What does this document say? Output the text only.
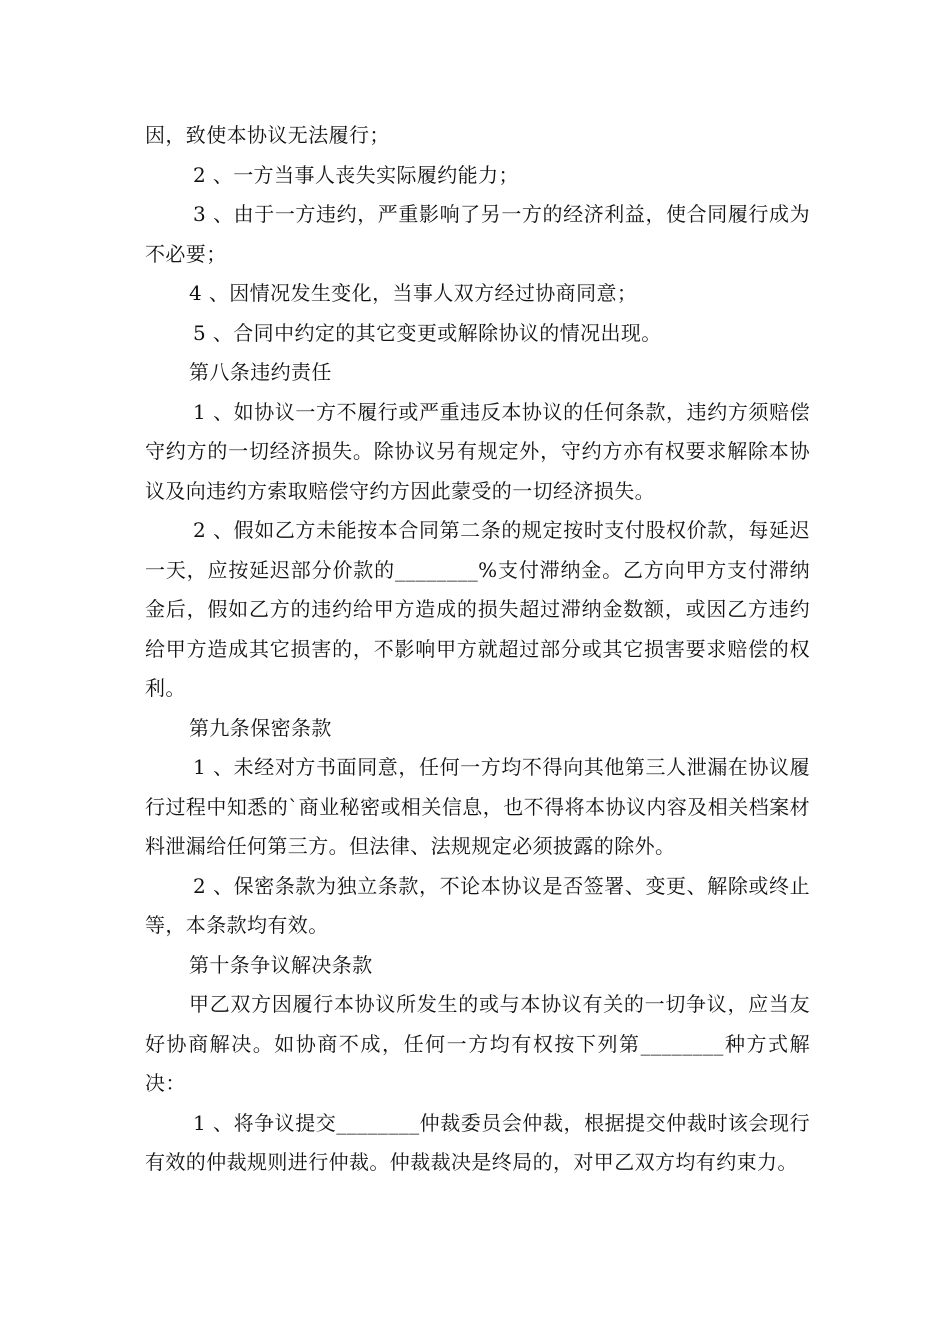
因，致使本协议无法履行；

2 、一方当事人丧失实际履约能力；

3 、由于一方违约，严重影响了另一方的经济利益，使合同履行成为不必要；

4 、因情况发生变化，当事人双方经过协商同意；

5 、合同中约定的其它变更或解除协议的情况出现。

第八条违约责任

1 、如协议一方不履行或严重违反本协议的任何条款，违约方须赔偿守约方的一切经济损失。除协议另有规定外，守约方亦有权要求解除本协议及向违约方索取赔偿守约方因此蒙受的一切经济损失。

2 、假如乙方未能按本合同第二条的规定按时支付股权价款，每延迟一天，应按延迟部分价款的________%支付滞纳金。乙方向甲方支付滞纳金后，假如乙方的违约给甲方造成的损失超过滞纳金数额，或因乙方违约给甲方造成其它损害的，不影响甲方就超过部分或其它损害要求赔偿的权利。

第九条保密条款

1 、未经对方书面同意，任何一方均不得向其他第三人泄漏在协议履行过程中知悉的`商业秘密或相关信息，也不得将本协议内容及相关档案材料泄漏给任何第三方。但法律、法规规定必须披露的除外。

2 、保密条款为独立条款，不论本协议是否签署、变更、解除或终止等，本条款均有效。

第十条争议解决条款

甲乙双方因履行本协议所发生的或与本协议有关的一切争议，应当友好协商解决。如协商不成，任何一方均有权按下列第________种方式解决：

1 、将争议提交________仲裁委员会仲裁，根据提交仲裁时该会现行有效的仲裁规则进行仲裁。仲裁裁决是终局的，对甲乙双方均有约束力。
